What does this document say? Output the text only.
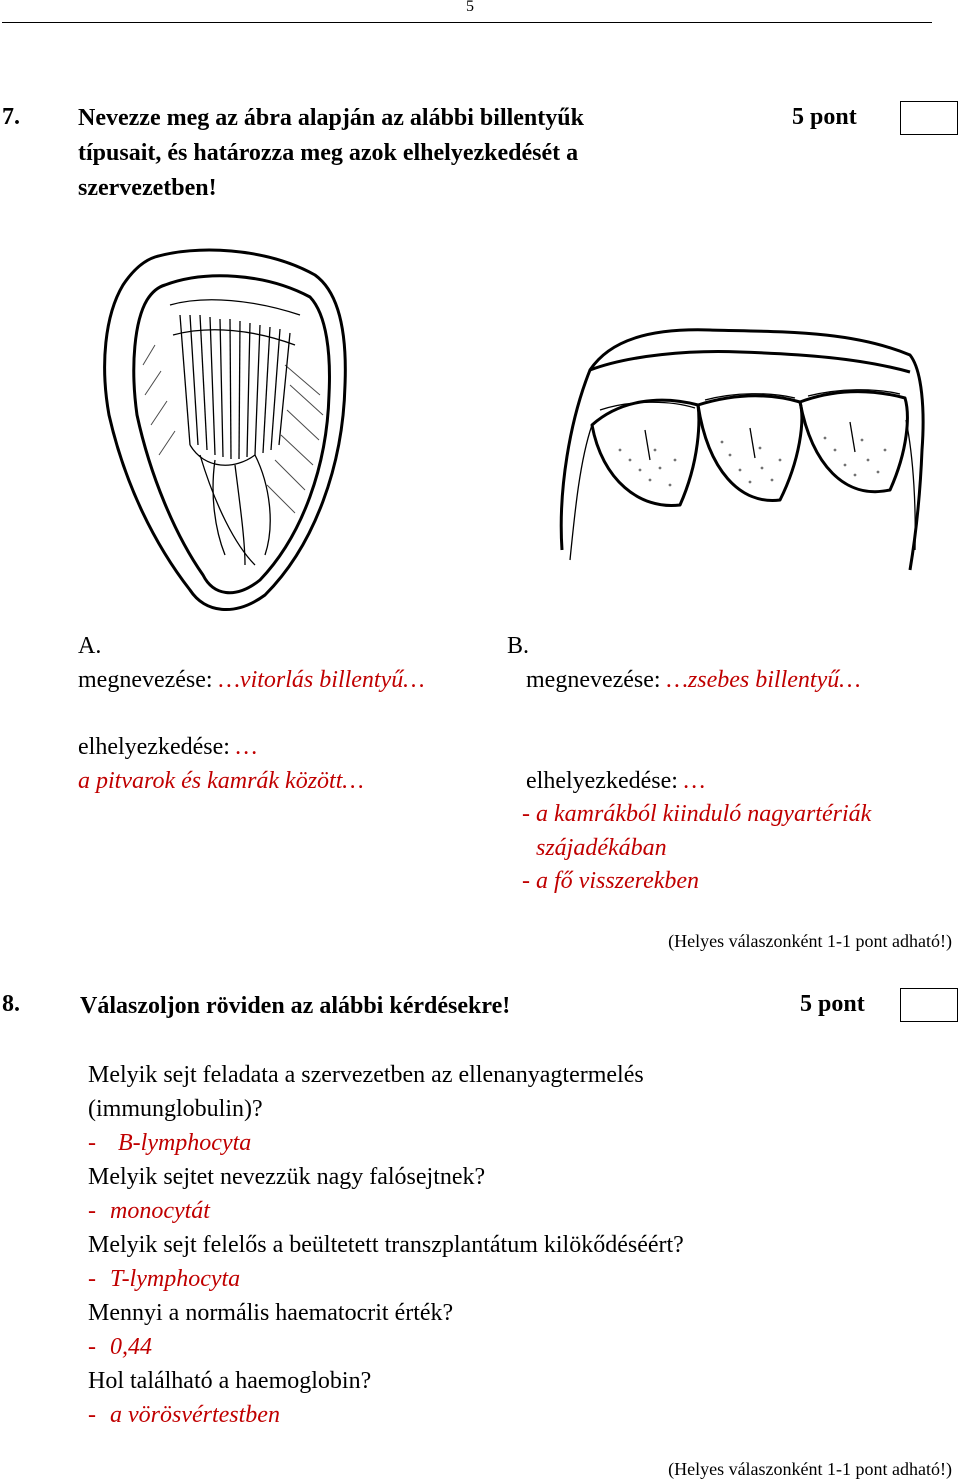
5
7. Nevezze meg az ábra alapján az alábbi billentyűk
típusait, és határozza meg azok elhelyezkedését a
szervezetben!
5 pont
A.
megnevezése: …vitorlás billentyű…
elhelyezkedése: …
a pitvarok és kamrák között…
B.
megnevezése: …zsebes billentyű…
elhelyezkedése: …
- a kamrákból kiinduló nagyartériák
szájadékában
- a fő visszerekben
(Helyes válaszonként 1-1 pont adható!)
8.	Válaszoljon röviden az alábbi kérdésekre!	5 pont
Melyik sejt feladata a szervezetben az ellenanyagtermelés
(immunglobulin)?
- B-lymphocyta
Melyik sejtet nevezzük nagy falósejtnek?
- monocytát
Melyik sejt felelős a beültetett transzplantátum kilökődéséért?
- T-lymphocyta
Mennyi a normális haematocrit érték?
- 0,44
Hol található a haemoglobin?
- a vörösvértestben
(Helyes válaszonként 1-1 pont adható!)
